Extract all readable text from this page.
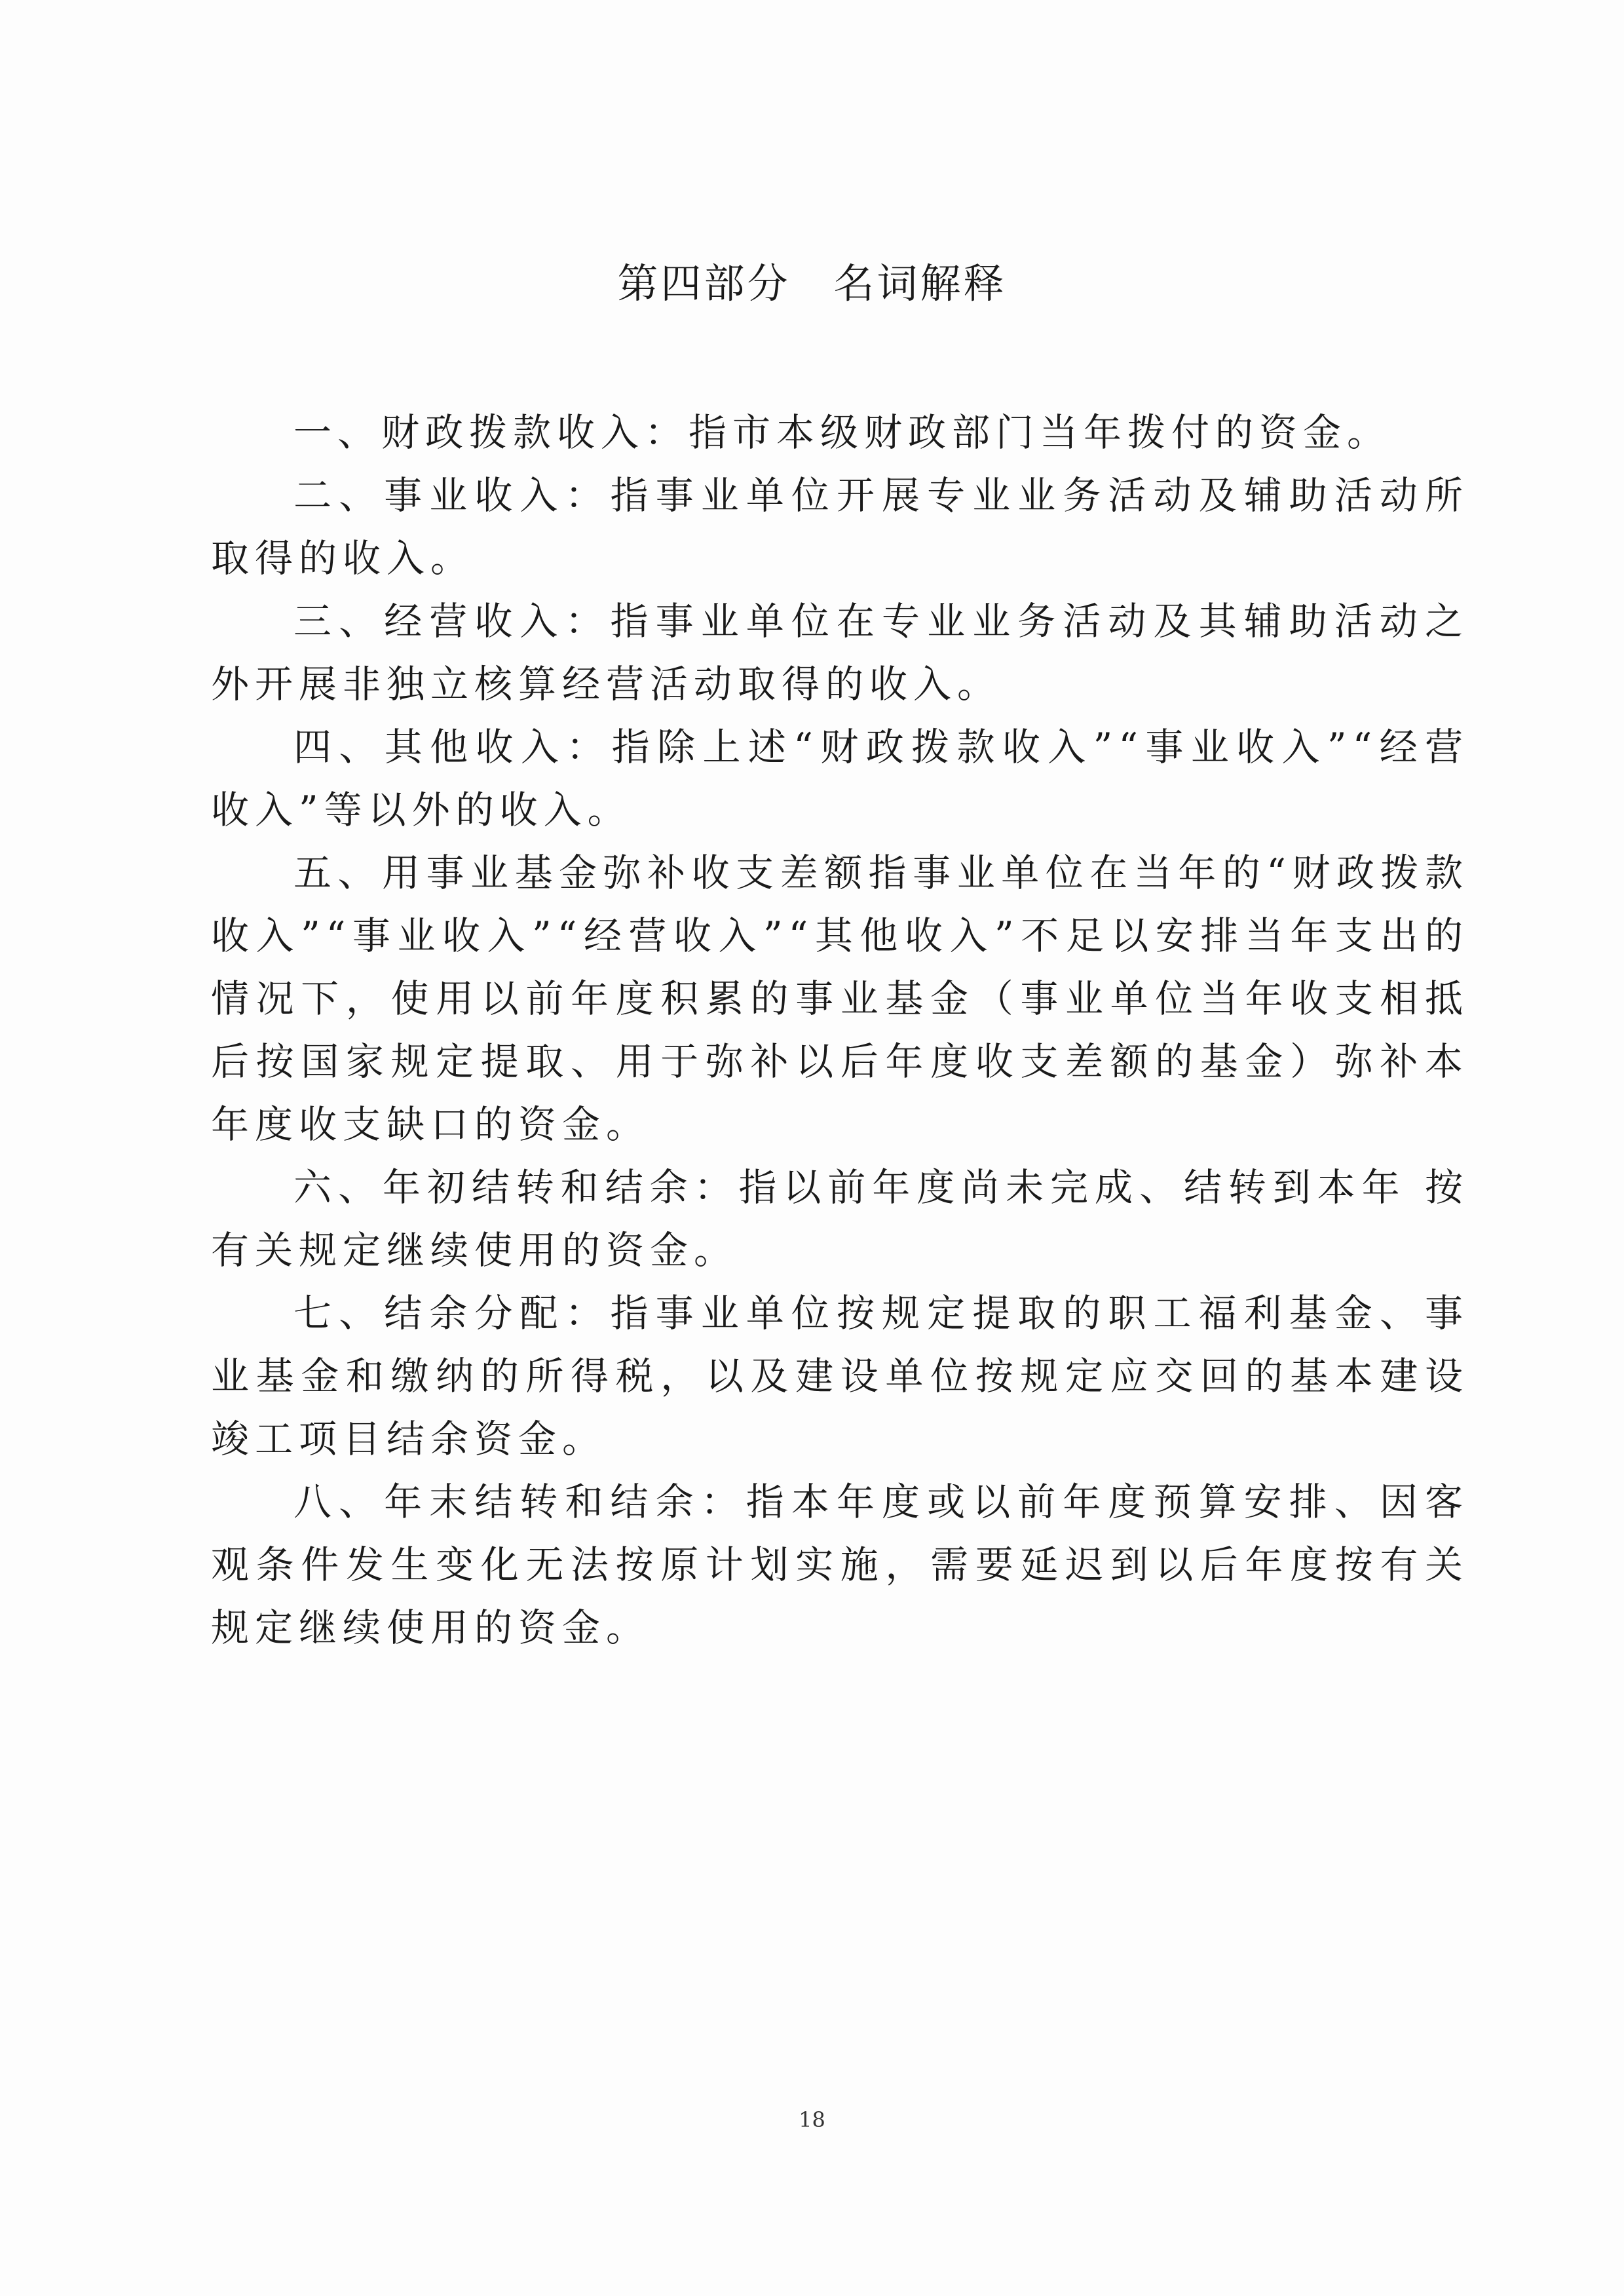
第四部分　名词解释

一、财政拨款收入：指市本级财政部门当年拨付的资金。

二、事业收入：指事业单位开展专业业务活动及辅助活动所取得的收入。

三、经营收入：指事业单位在专业业务活动及其辅助活动之外开展非独立核算经营活动取得的收入。

四、其他收入：指除上述“财政拨款收入”“事业收入”“经营收入”等以外的收入。

五、用事业基金弥补收支差额指事业单位在当年的“财政拨款收入”“事业收入”“经营收入”“其他收入”不足以安排当年支出的情况下，使用以前年度积累的事业基金（事业单位当年收支相抵后按国家规定提取、用于弥补以后年度收支差额的基金）弥补本年度收支缺口的资金。

六、年初结转和结余：指以前年度尚未完成、结转到本年 按有关规定继续使用的资金。

七、结余分配：指事业单位按规定提取的职工福利基金、事业基金和缴纳的所得税，以及建设单位按规定应交回的基本建设竣工项目结余资金。

八、年末结转和结余：指本年度或以前年度预算安排、因客观条件发生变化无法按原计划实施，需要延迟到以后年度按有关规定继续使用的资金。

18
